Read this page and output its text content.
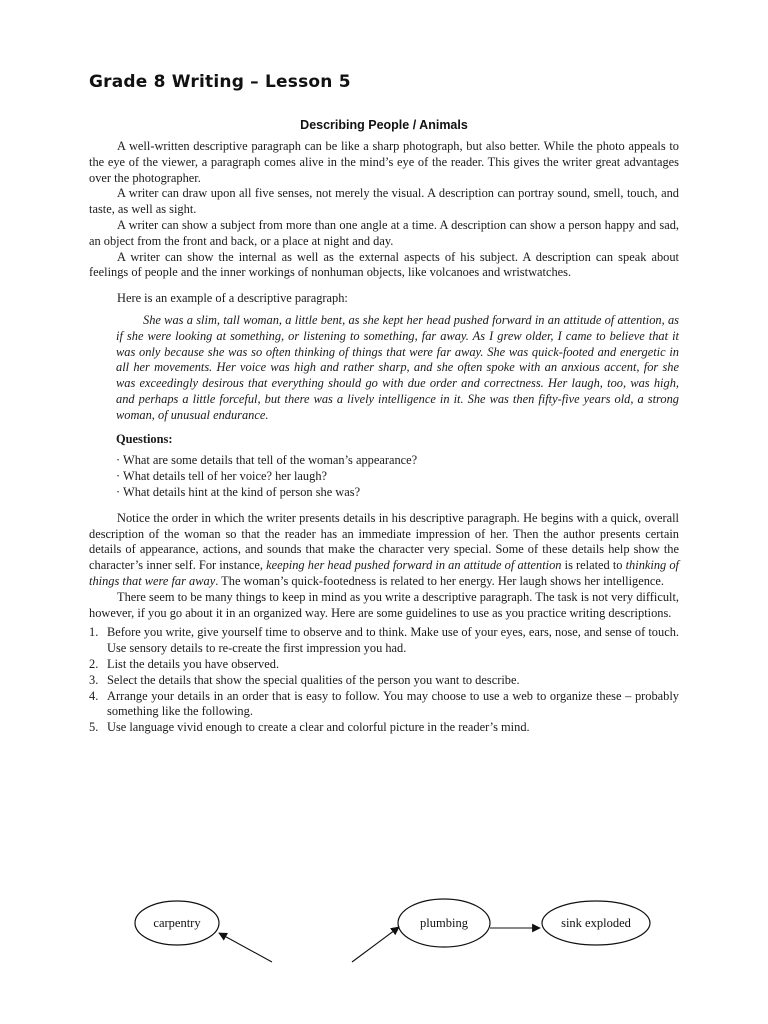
Grade 8 Writing – Lesson 5
Describing People / Animals

A well-written descriptive paragraph can be like a sharp photograph, but also better. While the photo appeals to the eye of the viewer, a paragraph comes alive in the mind’s eye of the reader. This gives the writer great advantages over the photographer.

A writer can draw upon all five senses, not merely the visual. A description can portray sound, smell, touch, and taste, as well as sight.

A writer can show a subject from more than one angle at a time. A description can show a person happy and sad, an object from the front and back, or a place at night and day.

A writer can show the internal as well as the external aspects of his subject. A description can speak about feelings of people and the inner workings of nonhuman objects, like volcanoes and wristwatches.

Here is an example of a descriptive paragraph:

She was a slim, tall woman, a little bent, as she kept her head pushed forward in an attitude of attention, as if she were looking at something, or listening to something, far away. As I grew older, I came to believe that it was only because she was so often thinking of things that were far away. She was quick-footed and energetic in all her movements. Her voice was high and rather sharp, and she often spoke with an anxious accent, for she was exceedingly desirous that everything should go with due order and correctness. Her laugh, too, was high, and perhaps a little forceful, but there was a lively intelligence in it. She was then fifty-five years old, a strong woman, of unusual endurance.

Questions:
· What are some details that tell of the woman’s appearance?
· What details tell of her voice? her laugh?
· What details hint at the kind of person she was?

Notice the order in which the writer presents details in his descriptive paragraph. He begins with a quick, overall description of the woman so that the reader has an immediate impression of her. Then the author presents certain details of appearance, actions, and sounds that make the character very special. Some of these details help show the character’s inner self. For instance, keeping her head pushed forward in an attitude of attention is related to thinking of things that were far away. The woman’s quick-footedness is related to her energy. Her laugh shows her intelligence.

There seem to be many things to keep in mind as you write a descriptive paragraph. The task is not very difficult, however, if you go about it in an organized way. Here are some guidelines to use as you practice writing descriptions.

1. Before you write, give yourself time to observe and to think. Make use of your eyes, ears, nose, and sense of touch. Use sensory details to re-create the first impression you had.
2. List the details you have observed.
3. Select the details that show the special qualities of the person you want to describe.
4. Arrange your details in an order that is easy to follow. You may choose to use a web to organize these – probably something like the following.
5. Use language vivid enough to create a clear and colorful picture in the reader’s mind.
carpentry	plumbing	sink exploded
